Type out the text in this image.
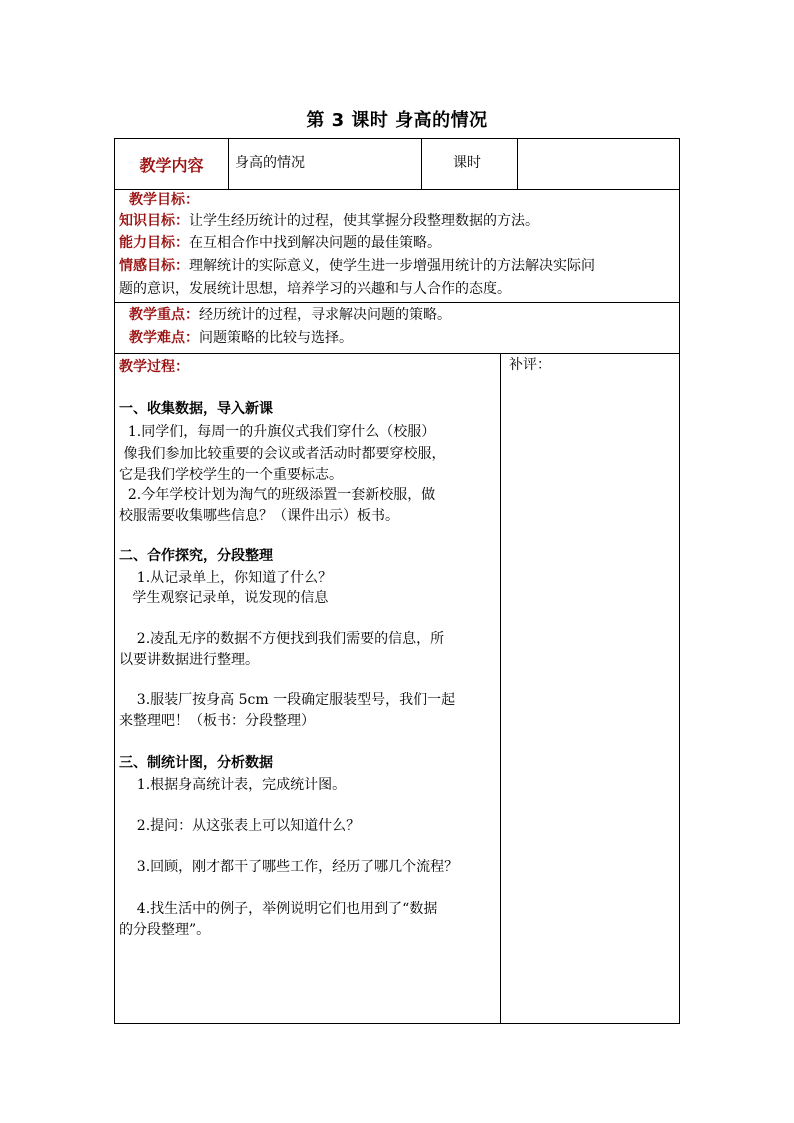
第 3 课时 身高的情况
教学内容	身高的情况	课时
教学目标：
知识目标：让学生经历统计的过程，使其掌握分段整理数据的方法。
能力目标：在互相合作中找到解决问题的最佳策略。
情感目标：理解统计的实际意义，使学生进一步增强用统计的方法解决实际问
题的意识，发展统计思想，培养学习的兴趣和与人合作的态度。
教学重点：经历统计的过程，寻求解决问题的策略。
教学难点：问题策略的比较与选择。
教学过程：	补评：
一、收集数据，导入新课
1.同学们，每周一的升旗仪式我们穿什么（校服）
像我们参加比较重要的会议或者活动时都要穿校服，
它是我们学校学生的一个重要标志。
2.今年学校计划为淘气的班级添置一套新校服，做
校服需要收集哪些信息？（课件出示）板书。
二、合作探究，分段整理
1.从记录单上，你知道了什么？
学生观察记录单，说发现的信息
2.凌乱无序的数据不方便找到我们需要的信息，所
以要讲数据进行整理。
3.服装厂按身高 5cm 一段确定服装型号，我们一起
来整理吧！（板书：分段整理）
三、制统计图，分析数据
1.根据身高统计表，完成统计图。
2.提问：从这张表上可以知道什么？
3.回顾，刚才都干了哪些工作，经历了哪几个流程？
4.找生活中的例子，举例说明它们也用到了“数据
的分段整理”。
